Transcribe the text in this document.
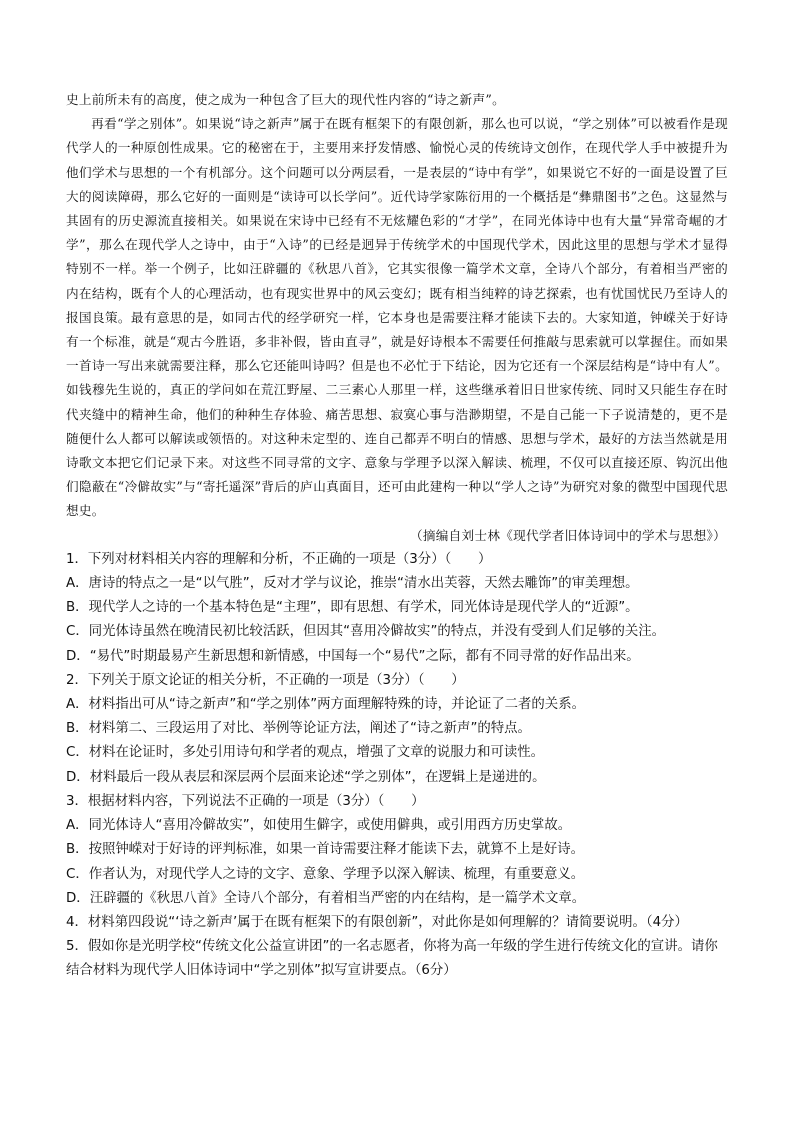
史上前所未有的高度，使之成为一种包含了巨大的现代性内容的“诗之新声”。

再看“学之别体”。如果说“诗之新声”属于在既有框架下的有限创新，那么也可以说，“学之别体”可以被看作是现代学人的一种原创性成果。它的秘密在于，主要用来抒发情感、愉悦心灵的传统诗文创作，在现代学人手中被提升为他们学术与思想的一个有机部分。这个问题可以分两层看，一是表层的“诗中有学”，如果说它不好的一面是设置了巨大的阅读障碍，那么它好的一面则是“读诗可以长学问”。近代诗学家陈衍用的一个概括是“彝鼎图书”之色。这显然与其固有的历史源流直接相关。如果说在宋诗中已经有不无炫耀色彩的“才学”，在同光体诗中也有大量“异常奇崛的才学”，那么在现代学人之诗中，由于“入诗”的已经是迥异于传统学术的中国现代学术，因此这里的思想与学术才显得特别不一样。举一个例子，比如汪辟疆的《秋思八首》，它其实很像一篇学术文章，全诗八个部分，有着相当严密的内在结构，既有个人的心理活动，也有现实世界中的风云变幻；既有相当纯粹的诗艺探索，也有忧国忧民乃至诗人的报国良策。最有意思的是，如同古代的经学研究一样，它本身也是需要注释才能读下去的。大家知道，钟嵘关于好诗有一个标准，就是“观古今胜语，多非补假，皆由直寻”，就是好诗根本不需要任何推敲与思索就可以掌握住。而如果一首诗一写出来就需要注释，那么它还能叫诗吗？但是也不必忙于下结论，因为它还有一个深层结构是“诗中有人”。如钱穆先生说的，真正的学问如在荒江野屋、二三素心人那里一样，这些继承着旧日世家传统、同时又只能生存在时代夹缝中的精神生命，他们的种种生存体验、痛苦思想、寂寞心事与浩渺期望，不是自己能一下子说清楚的，更不是随便什么人都可以解读或领悟的。对这种未定型的、连自己都弄不明白的情感、思想与学术，最好的方法当然就是用诗歌文本把它们记录下来。对这些不同寻常的文字、意象与学理予以深入解读、梳理，不仅可以直接还原、钩沉出他们隐蔽在“冷僻故实”与“寄托遥深”背后的庐山真面目，还可由此建构一种以“学人之诗”为研究对象的微型中国现代思想史。

（摘编自刘士林《现代学者旧体诗词中的学术与思想》）

1．下列对材料相关内容的理解和分析，不正确的一项是（3分）（　　）

A．唐诗的特点之一是“以气胜”，反对才学与议论，推崇“清水出芙蓉，天然去雕饰”的审美理想。

B．现代学人之诗的一个基本特色是“主理”，即有思想、有学术，同光体诗是现代学人的“近源”。

C．同光体诗虽然在晚清民初比较活跃，但因其“喜用冷僻故实”的特点，并没有受到人们足够的关注。

D．“易代”时期最易产生新思想和新情感，中国每一个“易代”之际，都有不同寻常的好作品出来。

2．下列关于原文论证的相关分析，不正确的一项是（3分）（　　）

A．材料指出可从“诗之新声”和“学之别体”两方面理解特殊的诗，并论证了二者的关系。

B．材料第二、三段运用了对比、举例等论证方法，阐述了“诗之新声”的特点。

C．材料在论证时，多处引用诗句和学者的观点，增强了文章的说服力和可读性。

D．材料最后一段从表层和深层两个层面来论述“学之别体”，在逻辑上是递进的。

3．根据材料内容，下列说法不正确的一项是（3分）（　　）

A．同光体诗人“喜用冷僻故实”，如使用生僻字，或使用僻典，或引用西方历史掌故。

B．按照钟嵘对于好诗的评判标准，如果一首诗需要注释才能读下去，就算不上是好诗。

C．作者认为，对现代学人之诗的文字、意象、学理予以深入解读、梳理，有重要意义。

D．汪辟疆的《秋思八首》全诗八个部分，有着相当严密的内在结构，是一篇学术文章。

4．材料第四段说“‘诗之新声’属于在既有框架下的有限创新”，对此你是如何理解的？请简要说明。（4分）

5．假如你是光明学校“传统文化公益宣讲团”的一名志愿者，你将为高一年级的学生进行传统文化的宣讲。请你结合材料为现代学人旧体诗词中“学之别体”拟写宣讲要点。（6分）
